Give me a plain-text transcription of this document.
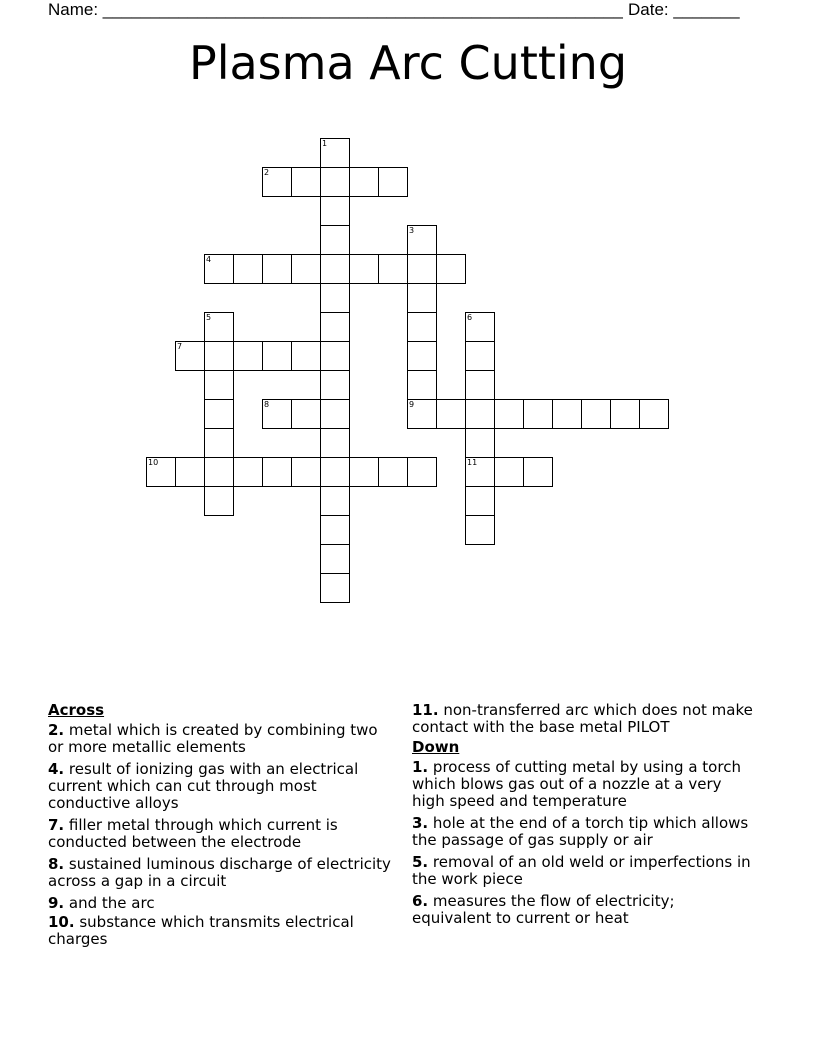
Name: _______________________________________________________ Date: _______
Plasma Arc Cutting
1
2
3
4
5	6
7
8	9
10	11
Across
2. metal which is created by combining two or more metallic elements
4. result of ionizing gas with an electrical current which can cut through most conductive alloys
7. filler metal through which current is conducted between the electrode
8. sustained luminous discharge of electricity across a gap in a circuit
9. and the arc
10. substance which transmits electrical charges
11. non-transferred arc which does not make contact with the base metal PILOT
Down
1. process of cutting metal by using a torch which blows gas out of a nozzle at a very high speed and temperature
3. hole at the end of a torch tip which allows the passage of gas supply or air
5. removal of an old weld or imperfections in the work piece
6. measures the flow of electricity; equivalent to current or heat
